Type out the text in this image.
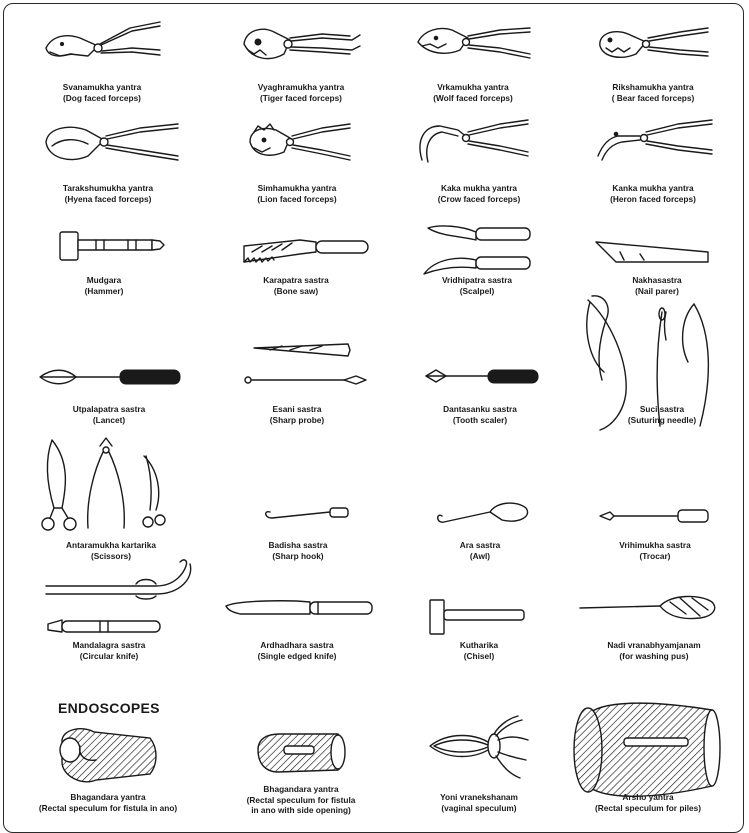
Svanamukha yantra
(Dog faced forceps)
Vyaghramukha yantra
(Tiger faced forceps)
Vrkamukha yantra
(Wolf faced forceps)
Rikshamukha yantra
( Bear faced forceps)
Tarakshumukha yantra
(Hyena faced forceps)
Simhamukha yantra
(Lion faced forceps)
Kaka mukha yantra
(Crow faced forceps)
Kanka mukha yantra
(Heron faced forceps)
Mudgara
(Hammer)
Karapatra sastra
(Bone saw)
Vridhipatra sastra
(Scalpel)
Nakhasastra
(Nail parer)
Utpalapatra sastra
(Lancet)
Esani sastra
(Sharp probe)
Dantasanku sastra
(Tooth scaler)
Suci sastra
(Suturing needle)
Antaramukha kartarika
(Scissors)
Badisha sastra
(Sharp hook)
Ara sastra
(Awl)
Vrihimukha sastra
(Trocar)
Mandalagra sastra
(Circular knife)
Ardhadhara sastra
(Single edged knife)
Kutharika
(Chisel)
Nadi vranabhyamjanam
(for washing pus)
ENDOSCOPES
Bhagandara yantra
(Rectal speculum for fistula in ano)
Bhagandara yantra
(Rectal speculum for fistula
in ano with side opening)
Yoni vranekshanam
(vaginal speculum)
Arsho yantra
(Rectal speculum for piles)
